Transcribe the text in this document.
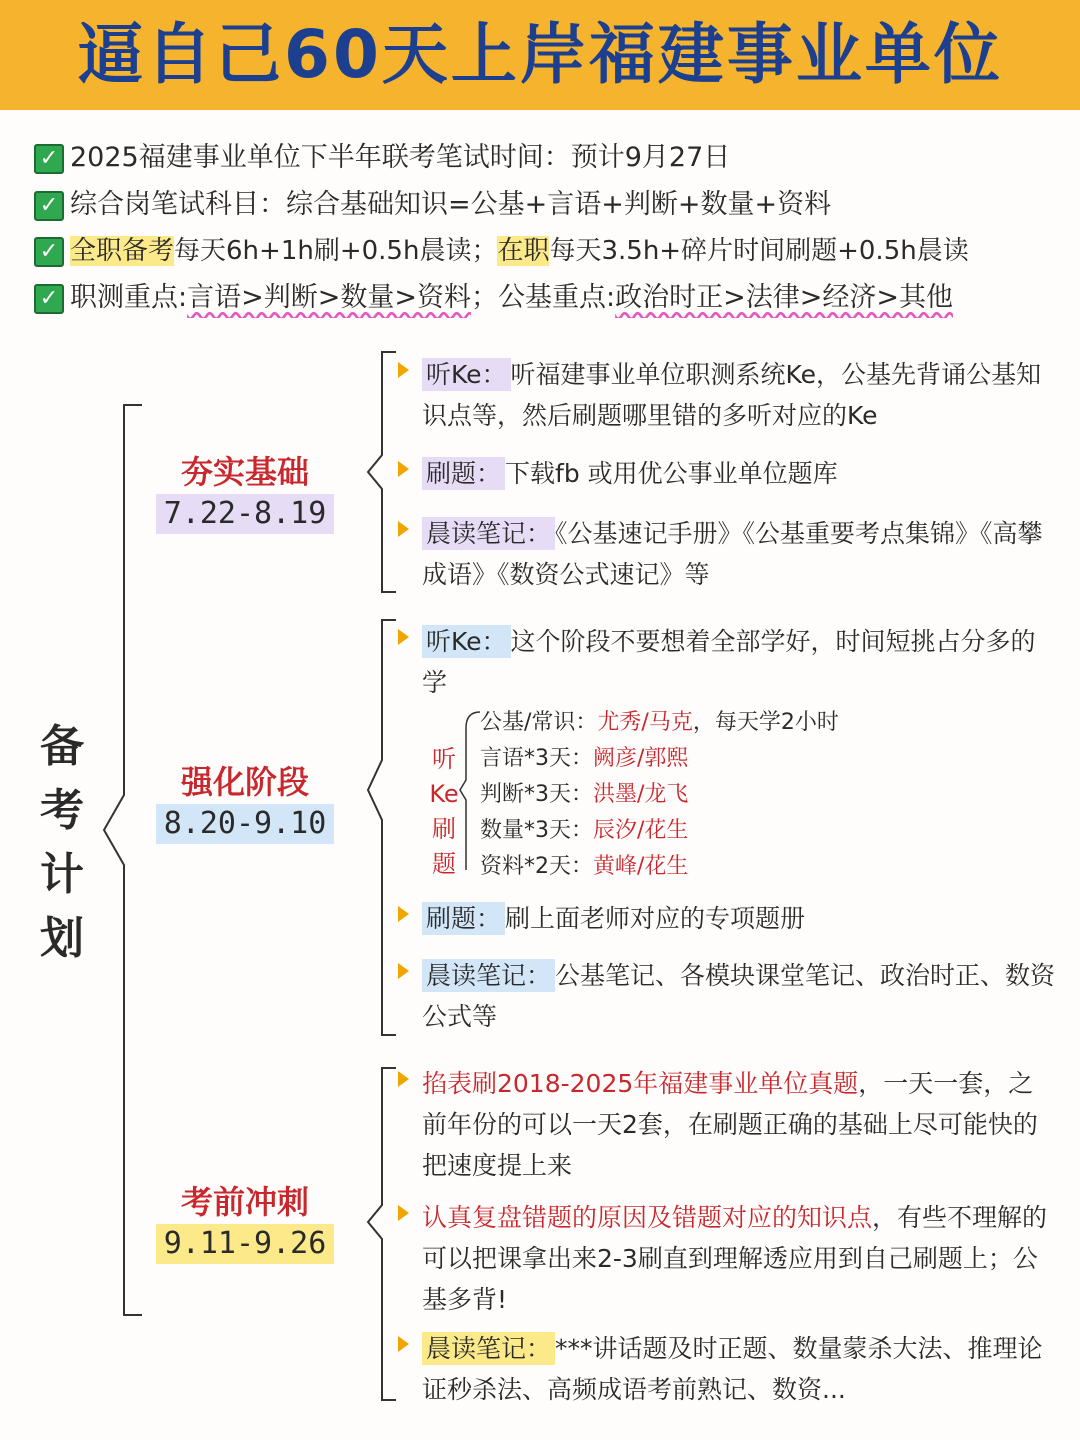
逼自己60天上岸福建事业单位
✓ 2025福建事业单位下半年联考笔试时间：预计9月27日
✓ 综合岗笔试科目：综合基础知识=公基+言语+判断+数量+资料
✓ 全职备考每天6h+1h刷+0.5h晨读；在职每天3.5h+碎片时间刷题+0.5h晨读
✓ 职测重点:言语>判断>数量>资料；公基重点:政治时正>法律>经济>其他
备
考
计
划
夯实基础
7.22-8.19
强化阶段
8.20-9.10
考前冲刺
9.11-9.26
听Ke： 听福建事业单位职测系统Ke，公基先背诵公基知识点等，然后刷题哪里错的多听对应的Ke
刷题： 下载fb 或用优公事业单位题库
晨读笔记： 《公基速记手册》《公基重要考点集锦》《高攀成语》《数资公式速记》等
听Ke： 这个阶段不要想着全部学好，时间短挑占分多的学
听
Ke
刷
题
公基/常识：尤秀/马克，每天学2小时
言语*3天：阙彦/郭熙
判断*3天：洪墨/龙飞
数量*3天：辰汐/花生
资料*2天：黄峰/花生
刷题： 刷上面老师对应的专项题册
晨读笔记： 公基笔记、各模块课堂笔记、政治时正、数资公式等
掐表刷2018-2025年福建事业单位真题，一天一套，之前年份的可以一天2套，在刷题正确的基础上尽可能快的把速度提上来
认真复盘错题的原因及错题对应的知识点，有些不理解的可以把课拿出来2-3刷直到理解透应用到自己刷题上；公基多背!
晨读笔记： ***讲话题及时正题、数量蒙杀大法、推理论证秒杀法、高频成语考前熟记、数资...
